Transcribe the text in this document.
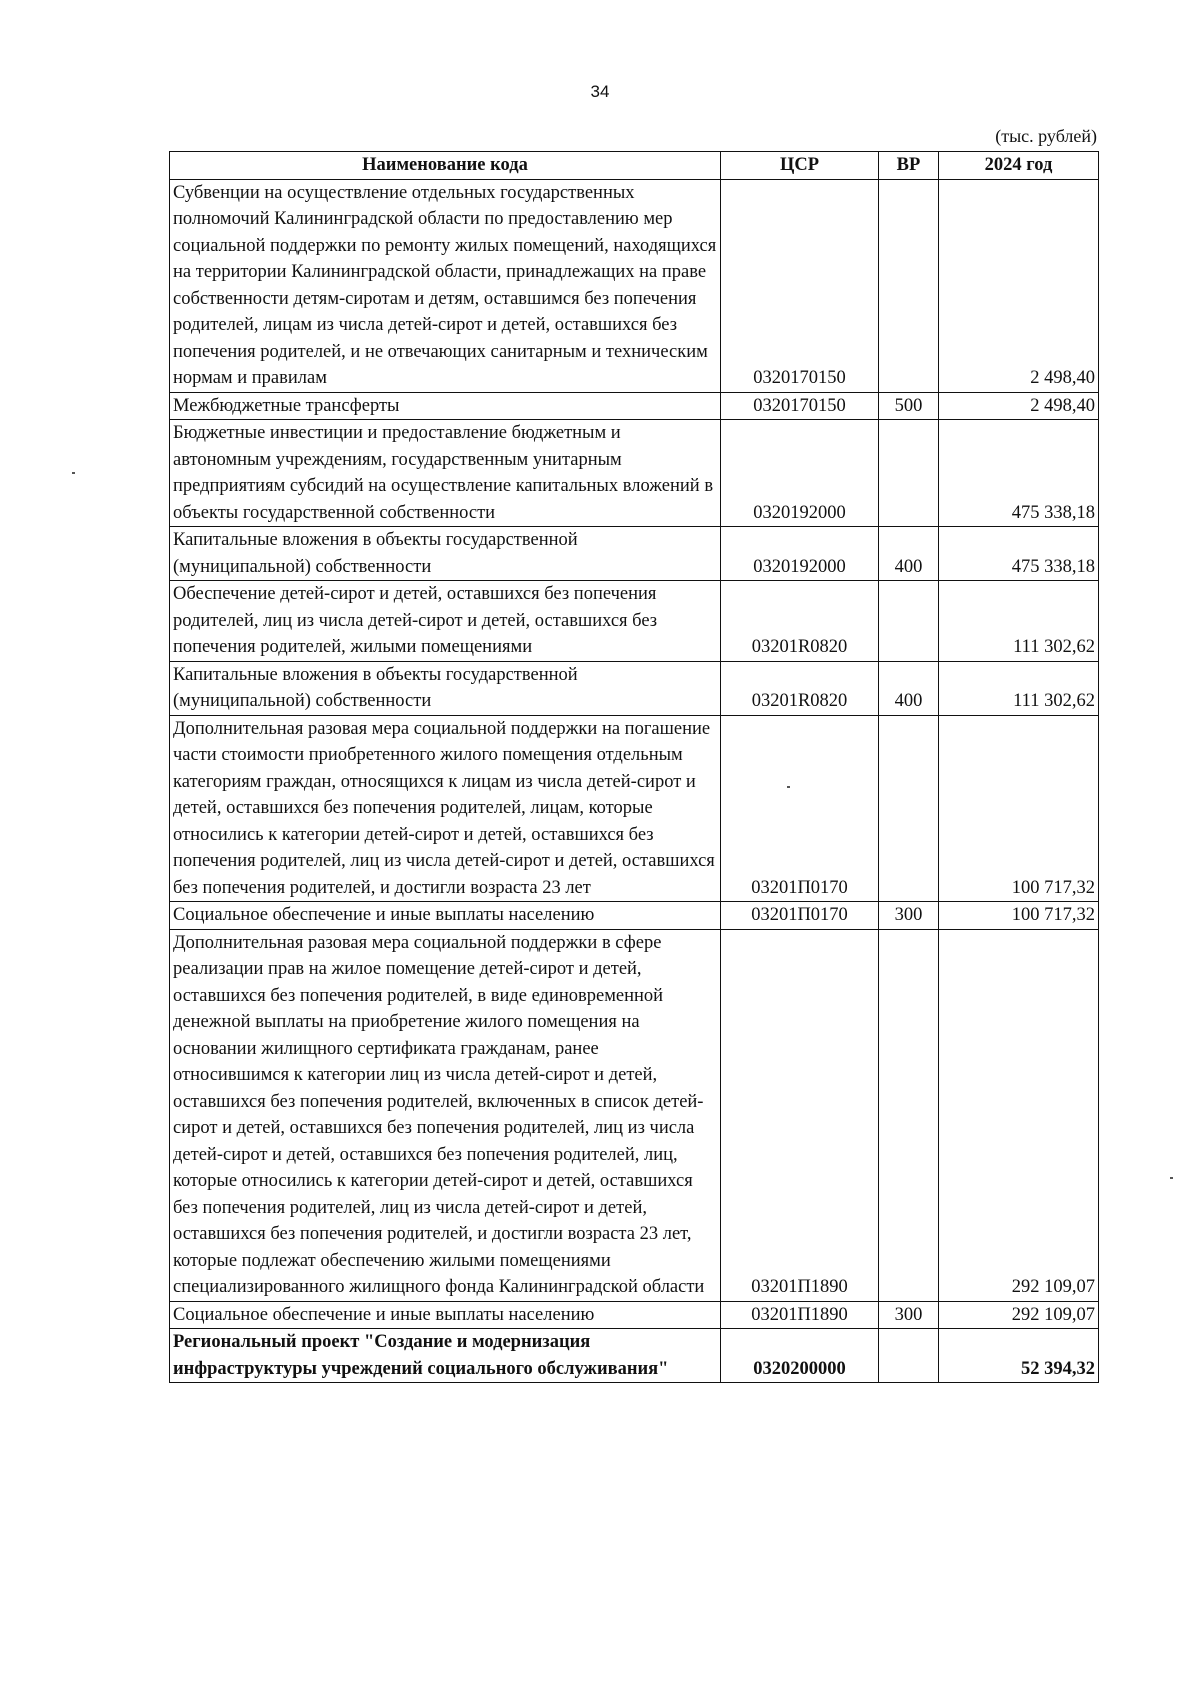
34
(тыс. рублей)
Наименование кода	ЦСР	ВР	2024 год
Субвенции на осуществление отдельных государственных полномочий Калининградской области по предоставлению мер социальной поддержки по ремонту жилых помещений, находящихся на территории Калининградской области, принадлежащих на праве собственности детям-сиротам и детям, оставшимся без попечения родителей, лицам из числа детей-сирот и детей, оставшихся без попечения родителей, и не отвечающих санитарным и техническим нормам и правилам	0320170150		2 498,40
Межбюджетные трансферты	0320170150	500	2 498,40
Бюджетные инвестиции и предоставление бюджетным и автономным учреждениям, государственным унитарным предприятиям субсидий на осуществление капитальных вложений в объекты государственной собственности	0320192000		475 338,18
Капитальные вложения в объекты государственной (муниципальной) собственности	0320192000	400	475 338,18
Обеспечение детей-сирот и детей, оставшихся без попечения родителей, лиц из числа детей-сирот и детей, оставшихся без попечения родителей, жилыми помещениями	03201R0820		111 302,62
Капитальные вложения в объекты государственной (муниципальной) собственности	03201R0820	400	111 302,62
Дополнительная разовая мера социальной поддержки на погашение части стоимости приобретенного жилого помещения отдельным категориям граждан, относящихся к лицам из числа детей-сирот и детей, оставшихся без попечения родителей, лицам, которые относились к категории детей-сирот и детей, оставшихся без попечения родителей, лиц из числа детей-сирот и детей, оставшихся без попечения родителей, и достигли возраста 23 лет	03201П0170		100 717,32
Социальное обеспечение и иные выплаты населению	03201П0170	300	100 717,32
Дополнительная разовая мера социальной поддержки в сфере реализации прав на жилое помещение детей-сирот и детей, оставшихся без попечения родителей, в виде единовременной денежной выплаты на приобретение жилого помещения на основании жилищного сертификата гражданам, ранее относившимся к категории лиц из числа детей-сирот и детей, оставшихся без попечения родителей, включенных в список детей-сирот и детей, оставшихся без попечения родителей, лиц из числа детей-сирот и детей, оставшихся без попечения родителей, лиц, которые относились к категории детей-сирот и детей, оставшихся без попечения родителей, лиц из числа детей-сирот и детей, оставшихся без попечения родителей, и достигли возраста 23 лет, которые подлежат обеспечению жилыми помещениями специализированного жилищного фонда Калининградской области	03201П1890		292 109,07
Социальное обеспечение и иные выплаты населению	03201П1890	300	292 109,07
Региональный проект "Создание и модернизация инфраструктуры учреждений социального обслуживания"	0320200000		52 394,32
